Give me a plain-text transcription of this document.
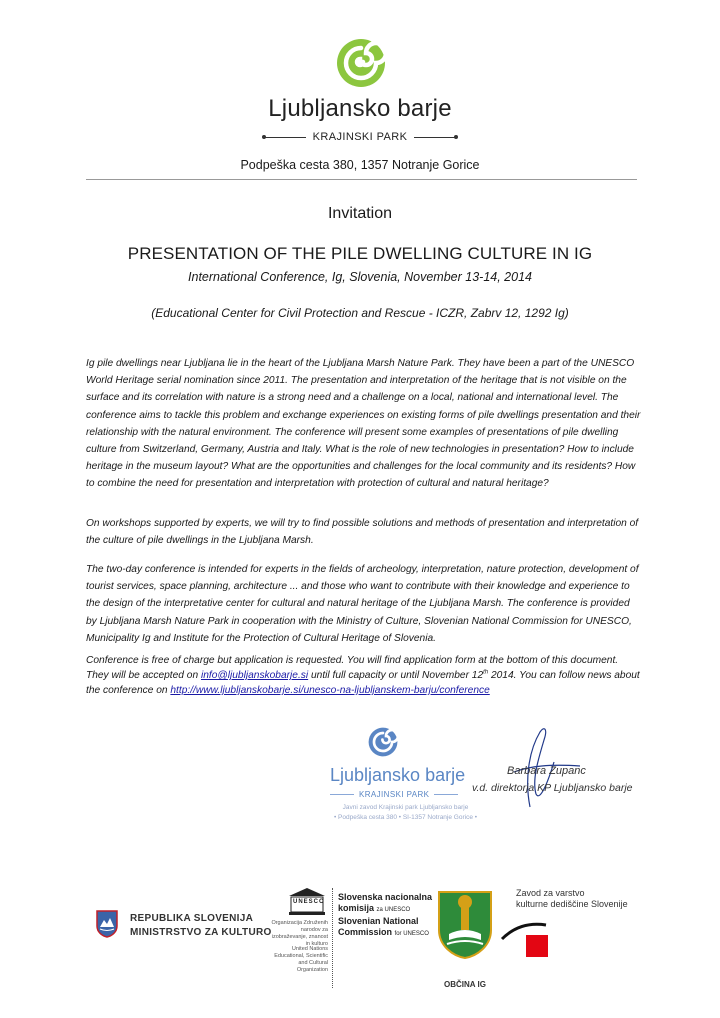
Ljubljansko barje
KRAJINSKI PARK
Podpeška cesta 380, 1357 Notranje Gorice
Invitation
PRESENTATION OF THE PILE DWELLING CULTURE IN IG
International Conference, Ig, Slovenia, November 13-14, 2014
(Educational Center for Civil Protection and Rescue - ICZR, Zabrv 12, 1292 Ig)

Ig pile dwellings near Ljubljana lie in the heart of the Ljubljana Marsh Nature Park. They have been a part of the UNESCO World Heritage serial nomination since 2011. The presentation and interpretation of the heritage that is not visible on the surface and its correlation with nature is a strong need and a challenge on a local, national and international level. The conference aims to tackle this problem and exchange experiences on existing forms of pile dwellings presentation and their relationship with the natural environment. The conference will present some examples of presentations of pile dwelling culture from Switzerland, Germany, Austria and Italy. What is the role of new technologies in presentation? How to include heritage in the museum layout? What are the opportunities and challenges for the local community and its residents? How to combine the need for presentation and interpretation with protection of cultural and natural heritage?

On workshops supported by experts, we will try to find possible solutions and methods of presentation and interpretation of the culture of pile dwellings in the Ljubljana Marsh.

The two-day conference is intended for experts in the fields of archeology, interpretation, nature protection, development of tourist services, space planning, architecture ... and those who want to contribute with their knowledge and experience to the design of the interpretative center for cultural and natural heritage of the Ljubljana Marsh. The conference is provided by Ljubljana Marsh Nature Park in cooperation with the Ministry of Culture, Slovenian National Commission for UNESCO, Municipality Ig and Institute for the Protection of Cultural Heritage of Slovenia.

Conference is free of charge but application is requested. You will find application form at the bottom of this document. They will be accepted on info@ljubljanskobarje.si until full capacity or until November 12th 2014. You can follow news about the conference on http://www.ljubljanskobarje.si/unesco-na-ljubljanskem-barju/conference

Ljubljansko barje
KRAJINSKI PARK
Javni zavod Krajinski park Ljubljansko barje
• Podpeška cesta 380 • SI-1357 Notranje Gorice •
Barbara Zupanc
v.d. direktorja KP Ljubljansko barje
REPUBLIKA SLOVENIJA
MINISTRSTVO ZA KULTURO
UNESCO
Organizacija Združenih narodov za izobraževanje, znanost in kulturo
United Nations Educational, Scientific and Cultural Organization
Slovenska nacionalna
komisija za UNESCO
Slovenian National
Commission for UNESCO
OBČINA IG
Zavod za varstvo
kulturne dediščine Slovenije
